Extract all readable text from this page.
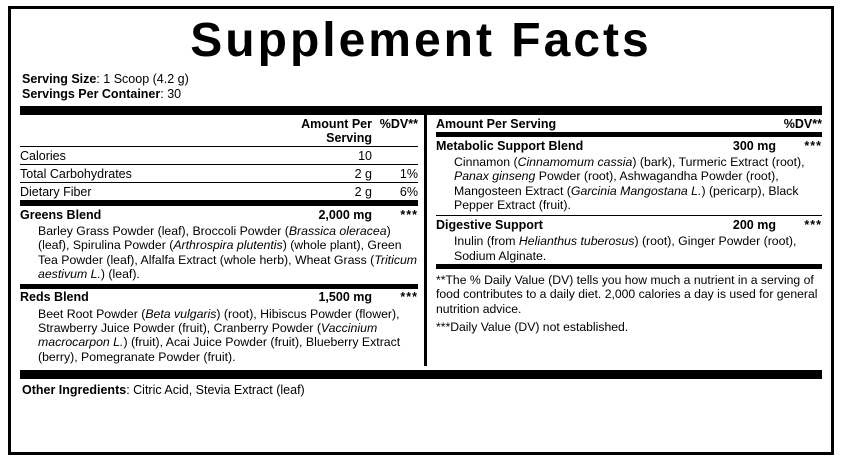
Supplement Facts
Serving Size: 1 Scoop (4.2 g)
Servings Per Container: 30
	Amount Per Serving	%DV**
Calories	10	
Total Carbohydrates	2 g	1%
Dietary Fiber	2 g	6%
Greens Blend	2,000 mg	***
Barley Grass Powder (leaf), Broccoli Powder (Brassica oleracea) (leaf), Spirulina Powder (Arthrospira plutentis) (whole plant), Green Tea Powder (leaf), Alfalfa Extract (whole herb), Wheat Grass (Triticum aestivum L.) (leaf).
Reds Blend	1,500 mg	***
Beet Root Powder (Beta vulgaris) (root), Hibiscus Powder (flower), Strawberry Juice Powder (fruit), Cranberry Powder (Vaccinium macrocarpon L.) (fruit), Acai Juice Powder (fruit), Blueberry Extract (berry), Pomegranate Powder (fruit).
Amount Per Serving	%DV**
Metabolic Support Blend	300 mg	***
Cinnamon (Cinnamomum cassia) (bark), Turmeric Extract (root), Panax ginseng Powder (root), Ashwagandha Powder (root), Mangosteen Extract (Garcinia Mangostana L.) (pericarp), Black Pepper Extract (fruit).
Digestive Support	200 mg	***
Inulin (from Helianthus tuberosus) (root), Ginger Powder (root), Sodium Alginate.
**The % Daily Value (DV) tells you how much a nutrient in a serving of food contributes to a daily diet. 2,000 calories a day is used for general nutrition advice.
***Daily Value (DV) not established.
Other Ingredients: Citric Acid, Stevia Extract (leaf)
